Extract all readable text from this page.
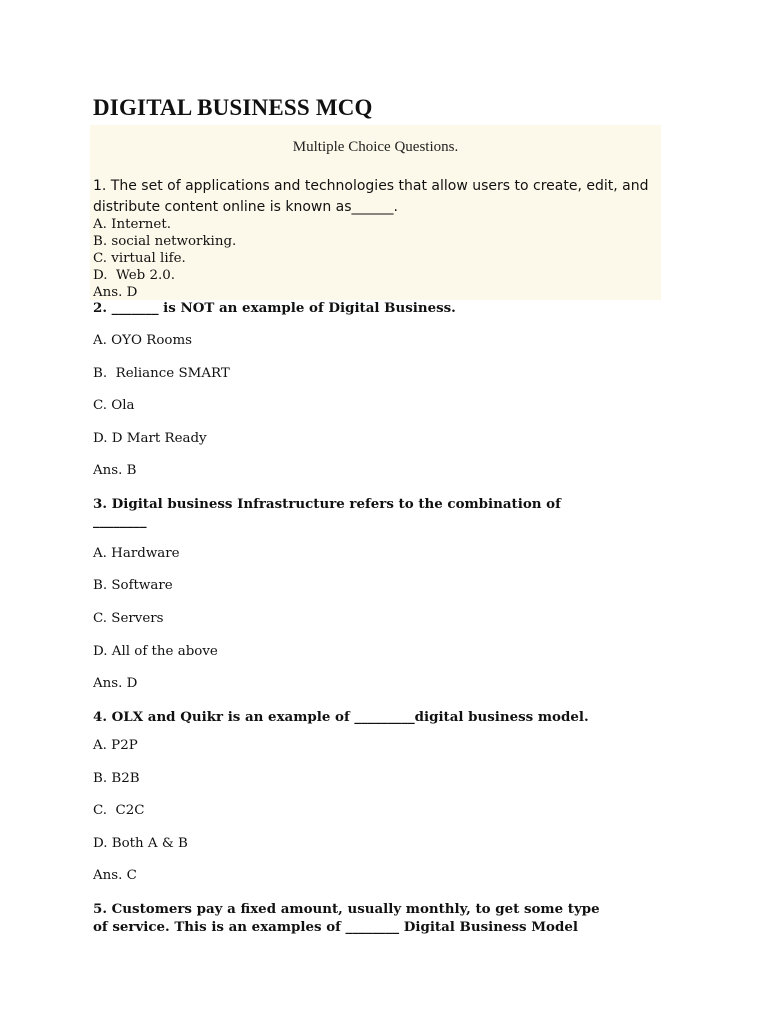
DIGITAL BUSINESS MCQ
Multiple Choice Questions.
1. The set of applications and technologies that allow users to create, edit, and distribute content online is known as______.
A. Internet.
B. social networking.
C. virtual life.
D.  Web 2.0.
Ans. D
2. _______ is NOT an example of Digital Business.
A. OYO Rooms
B.  Reliance SMART
C. Ola
D. D Mart Ready
Ans. B
3. Digital business Infrastructure refers to the combination of
________
A. Hardware
B. Software
C. Servers
D. All of the above
Ans. D
4. OLX and Quikr is an example of _________digital business model.
A. P2P
B. B2B
C.  C2C
D. Both A & B
Ans. C
5. Customers pay a fixed amount, usually monthly, to get some type
of service. This is an examples of ________ Digital Business Model
